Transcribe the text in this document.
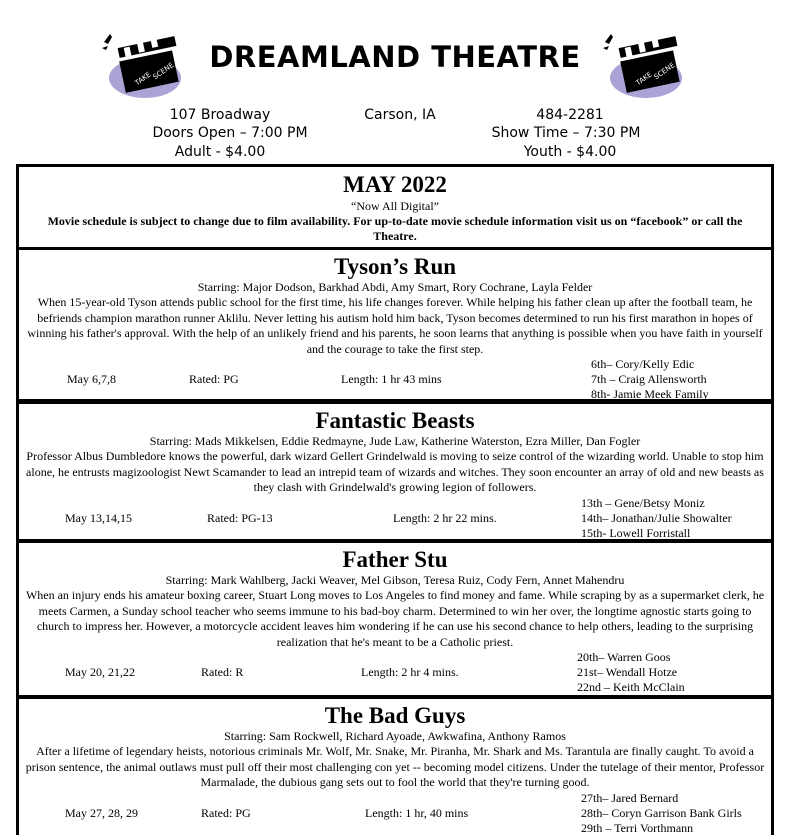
TAKE SCENE	DREAMLAND THEATRE
TAKE SCENE
107 Broadway	Carson, IA	484-2281
Doors Open – 7:00 PM	Show Time – 7:30 PM
Adult - $4.00	Youth - $4.00
MAY 2022
“Now All Digital”
Movie schedule is subject to change due to film availability. For up-to-date movie schedule information visit us on “facebook” or call the Theatre.
Tyson’s Run
Starring: Major Dodson, Barkhad Abdi, Amy Smart, Rory Cochrane, Layla Felder
When 15-year-old Tyson attends public school for the first time, his life changes forever. While helping his father clean up after the football team, he befriends champion marathon runner Aklilu. Never letting his autism hold him back, Tyson becomes determined to run his first marathon in hopes of winning his father's approval. With the help of an unlikely friend and his parents, he soon learns that anything is possible when you have faith in yourself and the courage to take the first step.
May 6,7,8	Rated: PG	Length: 1 hr 43 mins
6th– Cory/Kelly Edic
7th – Craig Allensworth
8th- Jamie Meek Family
Fantastic Beasts
Starring: Mads Mikkelsen, Eddie Redmayne, Jude Law, Katherine Waterston, Ezra Miller, Dan Fogler
Professor Albus Dumbledore knows the powerful, dark wizard Gellert Grindelwald is moving to seize control of the wizarding world. Unable to stop him alone, he entrusts magizoologist Newt Scamander to lead an intrepid team of wizards and witches. They soon encounter an array of old and new beasts as they clash with Grindelwald's growing legion of followers.
May 13,14,15	Rated: PG-13	Length: 2 hr 22 mins.
13th – Gene/Betsy Moniz
14th– Jonathan/Julie Showalter
15th- Lowell Forristall
Father Stu
Starring: Mark Wahlberg, Jacki Weaver, Mel Gibson, Teresa Ruiz, Cody Fern, Annet Mahendru
When an injury ends his amateur boxing career, Stuart Long moves to Los Angeles to find money and fame. While scraping by as a supermarket clerk, he meets Carmen, a Sunday school teacher who seems immune to his bad-boy charm. Determined to win her over, the longtime agnostic starts going to church to impress her. However, a motorcycle accident leaves him wondering if he can use his second chance to help others, leading to the surprising realization that he's meant to be a Catholic priest.
May 20, 21,22	Rated: R	Length: 2 hr 4 mins.
20th– Warren Goos
21st– Wendall Hotze
22nd – Keith McClain
The Bad Guys
Starring: Sam Rockwell, Richard Ayoade, Awkwafina, Anthony Ramos
After a lifetime of legendary heists, notorious criminals Mr. Wolf, Mr. Snake, Mr. Piranha, Mr. Shark and Ms. Tarantula are finally caught. To avoid a prison sentence, the animal outlaws must pull off their most challenging con yet -- becoming model citizens. Under the tutelage of their mentor, Professor Marmalade, the dubious gang sets out to fool the world that they're turning good.
May 27, 28, 29	Rated: PG	Length: 1 hr, 40 mins
27th– Jared Bernard
28th– Coryn Garrison Bank Girls
29th – Terri Vorthmann
